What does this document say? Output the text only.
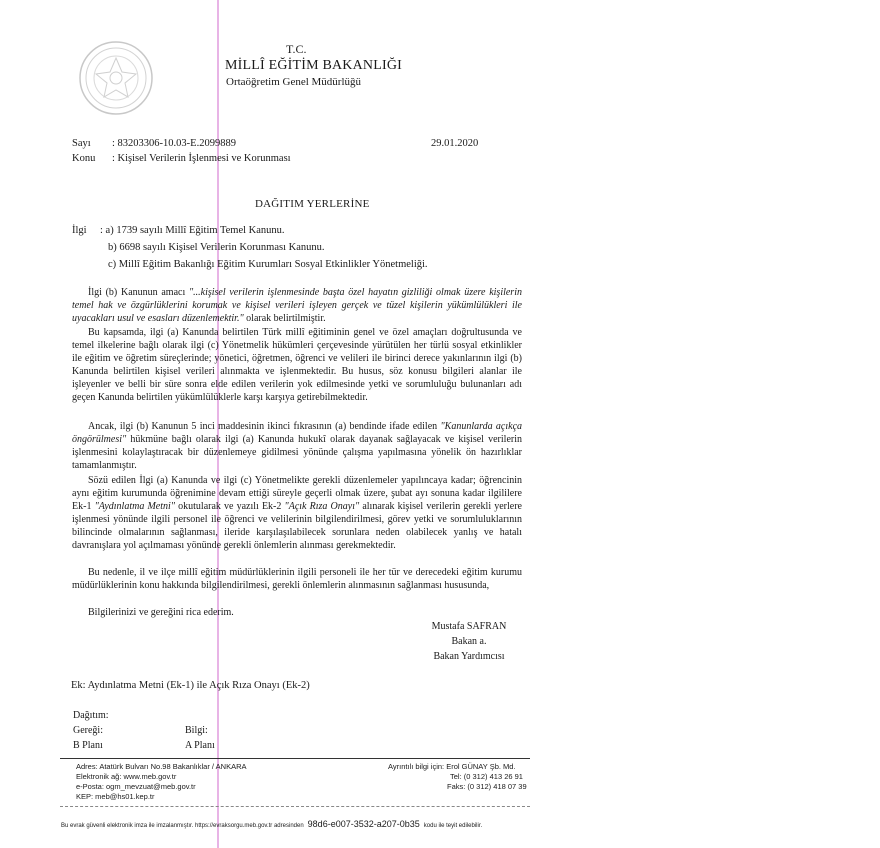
T.C.
MİLLÎ EĞİTİM BAKANLIĞI
Ortaöğretim Genel Müdürlüğü
Sayı : 83203306-10.03-E.2099889	29.01.2020
Konu : Kişisel Verilerin İşlenmesi ve Korunması
DAĞITIM YERLERİNE
İlgi : a) 1739 sayılı Millî Eğitim Temel Kanunu.
b) 6698 sayılı Kişisel Verilerin Korunması Kanunu.
c) Millî Eğitim Bakanlığı Eğitim Kurumları Sosyal Etkinlikler Yönetmeliği.
İlgi (b) Kanunun amacı "...kişisel verilerin işlenmesinde başta özel hayatın gizliliği olmak üzere kişilerin temel hak ve özgürlüklerini korumak ve kişisel verileri işleyen gerçek ve tüzel kişilerin yükümlülükleri ile uyacakları usul ve esasları düzenlemektir." olarak belirtilmiştir.
Bu kapsamda, ilgi (a) Kanunda belirtilen Türk millî eğitiminin genel ve özel amaçları doğrultusunda ve temel ilkelerine bağlı olarak ilgi (c) Yönetmelik hükümleri çerçevesinde yürütülen her türlü sosyal etkinlikler ile eğitim ve öğretim süreçlerinde; yönetici, öğretmen, öğrenci ve velileri ile birinci derece yakınlarının ilgi (b) Kanunda belirtilen kişisel verileri alınmakta ve işlenmektedir. Bu husus, söz konusu bilgileri alanlar ile işleyenler ve belli bir süre sonra elde edilen verilerin yok edilmesinde yetki ve sorumluluğu bulunanları adı geçen Kanunda belirtilen yükümlülüklerle karşı karşıya getirebilmektedir.
Ancak, ilgi (b) Kanunun 5 inci maddesinin ikinci fıkrasının (a) bendinde ifade edilen "Kanunlarda açıkça öngörülmesi" hükmüne bağlı olarak ilgi (a) Kanunda hukukî olarak dayanak sağlayacak ve kişisel verilerin işlenmesini kolaylaştıracak bir düzenlemeye gidilmesi yönünde çalışma yapılmasına yönelik ön hazırlıklar tamamlanmıştır.
Sözü edilen İlgi (a) Kanunda ve ilgi (c) Yönetmelikte gerekli düzenlemeler yapılıncaya kadar; öğrencinin aynı eğitim kurumunda öğrenimine devam ettiği süreyle geçerli olmak üzere, şubat ayı sonuna kadar ilgililere Ek-1 "Aydınlatma Metni" okutularak ve yazılı Ek-2 "Açık Rıza Onayı" alınarak kişisel verilerin gerekli yerlere işlenmesi yönünde ilgili personel ile öğrenci ve velilerinin bilgilendirilmesi, görev yetki ve sorumluluklarının bilincinde olmalarının sağlanması, ileride karşılaşılabilecek sorunlara neden olabilecek yanlış ve hatalı davranışlara yol açılmaması yönünde gerekli önlemlerin alınması gerekmektedir.
Bu nedenle, il ve ilçe millî eğitim müdürlüklerinin ilgili personeli ile her tür ve derecedeki eğitim kurumu müdürlüklerinin konu hakkında bilgilendirilmesi, gerekli önlemlerin alınmasının sağlanması hususunda,
Bilgilerinizi ve gereğini rica ederim.
Mustafa SAFRAN
Bakan a.
Bakan Yardımcısı
Ek: Aydınlatma Metni (Ek-1) ile Açık Rıza Onayı (Ek-2)
Dağıtım:
Gereği:	Bilgi:
B Planı	A Planı
Adres: Atatürk Bulvarı No.98 Bakanlıklar / ANKARA
Elektronik ağ: www.meb.gov.tr
e-Posta: ogm_mevzuat@meb.gov.tr
KEP: meb@hs01.kep.tr
Ayrıntılı bilgi için: Erol GÜNAY Şb. Md.
Tel: (0 312) 413 26 91
Faks: (0 312) 418 07 39
Bu evrak güvenli elektronik imza ile imzalanmıştır. https://evraksorgu.meb.gov.tr adresinden 98d6-e007-3532-a207-0b35 kodu ile teyit edilebilir.
